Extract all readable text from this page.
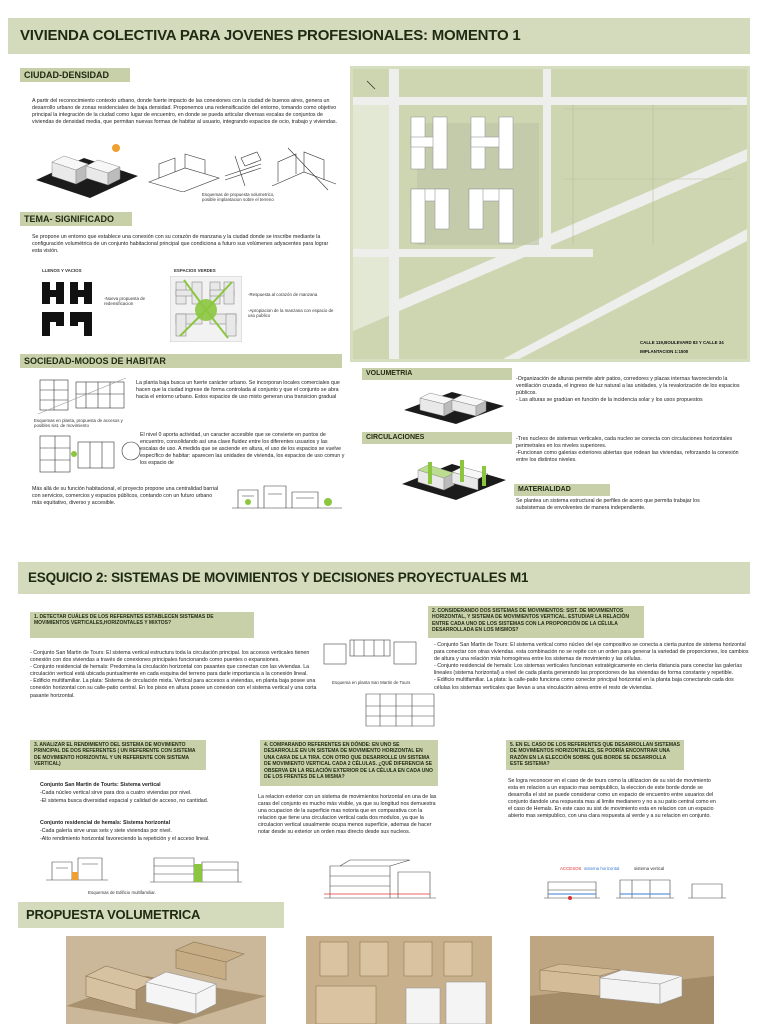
VIVIENDA COLECTIVA PARA JOVENES PROFESIONALES: MOMENTO 1
CIUDAD-DENSIDAD
A partir del reconocimiento contexto urbano, donde fuerte impacto de las conexiones con la ciudad de buenos aires, genera un desarrollo urbano de zonas residenciales de baja densidad. Proponemos una redensificación del entorno, tomando como objetivo principal la integración de la ciudad como lugar de encuentro, en donde se pueda articular diversas escalas de conjuntos de viviendas de densidad media, que permitan nuevas formas de habitar al usuario, integrando espacios de ocio, trabajo y viviendas.
Esquemas de propuesta volumetrico, posible implantacion sobre el terreno
TEMA- SIGNIFICADO
Se propone un entorno que establece una conexión con su corazón de manzana y la ciudad donde se inscribe mediante la configuración volumétrica de un conjunto habitacional principal que condiciona a futuro sus volúmenes adyacentes para lograr esta visión.
LLENOS Y VACIOS
-Nueva propuesta de redensificacion
ESPACIOS VERDES
-Respuesta al corazón de manzana
-Apropiacion de la manzana con espacio de uso publico
SOCIEDAD-MODOS DE HABITAR
Esquemas en planta, propuesta de accesos y posibles sist. de movimiento
La planta baja busca un fuerte carácter urbano. Se incorporan locales comerciales que hacen que la ciudad ingrese de forma controlada al conjunto y que el conjunto se abra hacia el entorno urbano. Estos espacios de uso mixto generan una transicion gradual
El nivel 0 aporta actividad, un caracter accesible que se convierte en puntos de encuentro, consolidando así una clave fluidez entre los diferentes usuarios y las escalas de uso. A medida que se asciende en altura, el uso de los espacios se vuelve específico de habitar: aparecen las unidades de vivienda, los espacios de uso comun y los espacio de
Más allá de su función habitacional, el proyecto propone una centralidad barrial con servicios, comercios y espacios públicos, contando con un futuro urbano más equitativo, diverso y accesible.
CALLE 119,BOULEVARD 83 Y CALLE 34
IMPLANTACION 1:1500
VOLUMETRIA
-Organización de alturas permite abrir patios, corredores y plazas internas favoreciendo la ventilación cruzada, el ingreso de luz natural a las unidades, y la revalorización de los espacios públicos.
- Las alturas se gradúan en función de la incidencia solar y los usos propuestos
CIRCULACIONES	-Tres nucleos de sistemas verticales, cada nucleo se conecta con circulaciones horizontales perimetrales en los niveles superiores.
-Funcionan como galerias exteriores abiertas que rodean las viviendas, reforzando la conexión entre los distintos niveles.
MATERIALIDAD
Se plantea un sistema estructural de perfiles de acero que permita trabajar los subsistemas de envolventes de manera independiente.
ESQUICIO 2: SISTEMAS DE MOVIMIENTOS Y DECISIONES PROYECTUALES M1
1. DETECTAR CUÁLES DE LOS REFERENTES ESTABLECEN SISTEMAS DE MOVIMIENTOS VERTICALES,HORIZONTALES Y MIXTOS?
- Conjunto San Martin de Tours: El sistema vertical estructura toda la circulación principal. los accesos verticales tienen conexión con dos viviendas a través de conexiones principales funcionando como puentes o expansiones.
- Conjunto residencial de hemals: Predomina la circulación horizontal con pasantes que conectan con las viviendas. La circulación vertical está ubicada puntualmente en cada esquina del terreno para darle importancia a la conexión lineal.
- Edificio multifamiliar. La plata: Sistema de circulación mixta. Vertical para accesos a viviendas, en planta baja posee una conexión horizontal con su calle-patio central. En los pisos en altura posee un conexion con el sistema vertical y una corta pasante horizontal.
Esquema en planta San Martin de Tours
2. CONSIDERANDO DOS SISTEMAS DE MOVIMIENTOS: SIST. DE MOVIMIENTOS HORIZONTAL, Y SISTEMA DE MOVIMIENTOS VERTICAL. ESTUDIAR LA RELACIÓN ENTRE CADA UNO DE LOS SISTEMAS CON LA PROPORCIÓN DE LA CÉLULA DESARROLLADA EN LOS MISMOS?
- Conjunto San Martin de Tours: El sistema vertical como núcleo del eje compositivo se conecta a cierta puntos de sistema horizontal para conectar con otras viviendas. esta combinación no se repite con un orden para generar la variedad de proporciones, los cambios de altura y una relación más homogénea entre los sistemas de movimiento y las células.
- Conjunto residencial de hemals: Los sistemas verticales funcionan estratégicamente en cierta distancia para conectar las galerías lineales (sistema horizontal) a nivel de cada planta generando las proporciones de las viviendas de forma constante y repetible.
- Edificio multifamiliar. La plata: la calle-patio funciona como conector principal horizontal en la planta baja conectando cada dos células los sistemas verticales que llevan a una vinculación aérea entre el resto de viviendas.
3. ANALIZAR EL RENDIMIENTO DEL SISTEMA DE MOVIMIENTO PRINCIPAL DE DOS REFERENTES ( UN REFERENTE CON SISTEMA DE MOVIMIENTO HORIZONTAL Y UN REFERENTE CON SISTEMA VERTICAL)
Conjunto San Martin de Tourts: Sistema vertical
-Cada núcleo vertical sirve para dos a cuatro viviendas por nivel.
-El sistema busca diversidad espacial y calidad de acceso, no cantidad.
Conjunto residencial de hemals: Sistema horizontal
-Cada galería sirve unas seis y siete viviendas por nivel.
-Alto rendimiento horizontal favoreciendo la repetición y el acceso lineal.
Esquemas de Edificio multifamiliar.
4. COMPARANDO REFERENTES EN DÓNDE: EN UNO SE DESARROLLE EN UN SISTEMA DE MOVIMIENTO HORIZONTAL EN UNA CARA DE LA TIRA. CON OTRO QUE DESARROLLE UN SISTEMA DE MOVIMIENTO VERTICAL CADA 2 CÉLULAS. ¿QUÉ DIFERENCIA SE OBSERVA EN LA RELACIÓN EXTERIOR DE LA CÉLULA EN CADA UNO DE LOS FRENTES DE LA MISMA?
La relacion exterior con un sistema de movimientos horizontal en una de las caras del conjunto es mucho más visible, ya que su longitud nos demuestra una ocupacion de la superficie mas notoria que en comparativa con la relacion que tiene una circulacion vertical cada dos modulos, ya que la circulacion vertical usualmente ocupa menos superficie, ademas de hacer notar desde su exterior un orden mas directo desde sus nucleos.
5. EN EL CASO DE LOS REFERENTES QUE DESARROLLAN SISTEMAS DE MOVIMIENTOS HORIZONTALES, SE PODRÍA ENCONTRAR UNA RAZÓN EN LA ELECCIÓN SOBRE QUE BORDE SE DESARROLLA ESTE SISTEMA?
Se logra reconocer en el caso de de tours como la utilizacion de su sist de movimiento esta en relacion a un espacio mas semipublico, la eleccion de este borde donde se desarrolla el sist se puede considerar como un espacio de encuentro entre usuarios del conjunto dandole una respuesta mas al limite medianero y no a su patio central como en el caso de Hemals. En este caso su sist de movimiento esta en relacion con un espacio abierto mas semipublico, con una clara respuesta al verde y a su relacion en conjunto.
ACCESOS sistema horizontal	sistema vertical
PROPUESTA VOLUMETRICA
